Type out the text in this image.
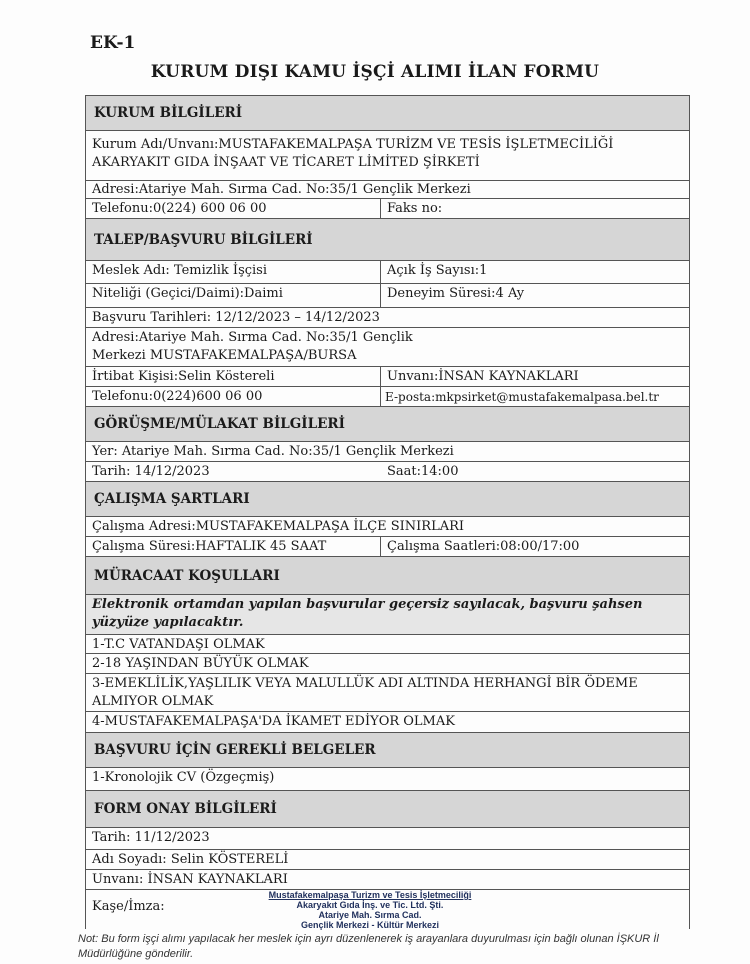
EK-1
KURUM DIŞI KAMU İŞÇİ ALIMI İLAN FORMU
KURUM BİLGİLERİ
Kurum Adı/Unvanı:MUSTAFAKEMALPAŞA TURİZM VE TESİS İŞLETMECİLİĞİ AKARYAKIT GIDA İNŞAAT VE TİCARET LİMİTED ŞİRKETİ
Adresi:Atariye Mah. Sırma Cad. No:35/1 Gençlik Merkezi
Telefonu:0(224) 600 06 00	Faks no:
TALEP/BAŞVURU BİLGİLERİ
Meslek Adı: Temizlik İşçisi	Açık İş Sayısı:1
Niteliği (Geçici/Daimi):Daimi	Deneyim Süresi:4 Ay
Başvuru Tarihleri: 12/12/2023 – 14/12/2023
Adresi:Atariye Mah. Sırma Cad. No:35/1 Gençlik Merkezi MUSTAFAKEMALPAŞA/BURSA
İrtibat Kişisi:Selin Köstereli	Unvanı:İNSAN KAYNAKLARI
Telefonu:0(224)600 06 00	E-posta:mkpsirket@mustafakemalpasa.bel.tr
GÖRÜŞME/MÜLAKAT BİLGİLERİ
Yer: Atariye Mah. Sırma Cad. No:35/1 Gençlik Merkezi
Tarih: 14/12/2023	Saat:14:00
ÇALIŞMA ŞARTLARI
Çalışma Adresi:MUSTAFAKEMALPAŞA İLÇE SINIRLARI
Çalışma Süresi:HAFTALIK 45 SAAT	Çalışma Saatleri:08:00/17:00
MÜRACAAT KOŞULLARI
Elektronik ortamdan yapılan başvurular geçersiz sayılacak, başvuru şahsen yüzyüze yapılacaktır.
1-T.C VATANDAŞI OLMAK
2-18 YAŞINDAN BÜYÜK OLMAK
3-EMEKLİLİK,YAŞLILIK VEYA MALULLÜK ADI ALTINDA HERHANGİ BİR ÖDEME ALMIYOR OLMAK
4-MUSTAFAKEMALPAŞA'DA İKAMET EDİYOR OLMAK
BAŞVURU İÇİN GEREKLİ BELGELER
1-Kronolojik CV (Özgeçmiş)
FORM ONAY BİLGİLERİ
Tarih: 11/12/2023
Adı Soyadı: Selin KÖSTERELİ
Unvanı: İNSAN KAYNAKLARI
Kaşe/İmza:
Mustafakemalpaşa Turizm ve Tesis İşletmeciliği
Akaryakıt Gıda İnş. ve Tic. Ltd. Şti.
Atariye Mah. Sırma Cad.
Gençlik Merkezi - Kültür Merkezi
Not: Bu form işçi alımı yapılacak her meslek için ayrı düzenlenerek iş arayanlara duyurulması için bağlı olunan İŞKUR İl Müdürlüğüne gönderilir.
